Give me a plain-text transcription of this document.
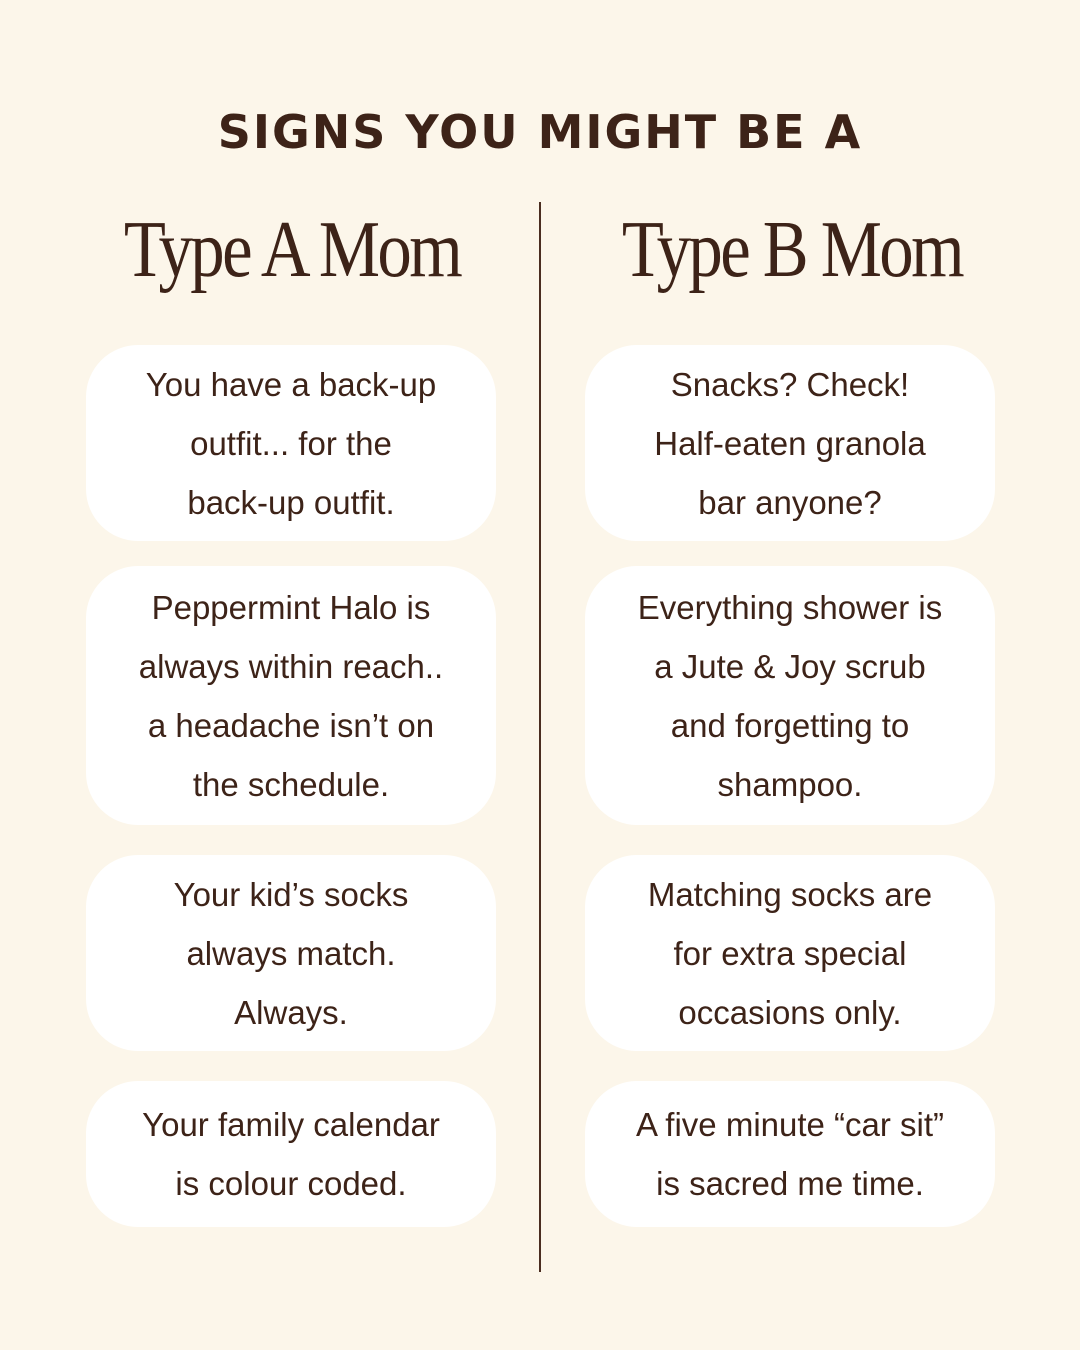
SIGNS YOU MIGHT BE A
Type A Mom	Type B Mom

You have a back-up
outfit... for the
back-up outfit.

Peppermint Halo is
always within reach..
a headache isn’t on
the schedule.

Your kid’s socks
always match.
Always.

Your family calendar
is colour coded.

Snacks? Check!
Half-eaten granola
bar anyone?

Everything shower is
a Jute & Joy scrub
and forgetting to
shampoo.

Matching socks are
for extra special
occasions only.

A five minute “car sit”
is sacred me time.
